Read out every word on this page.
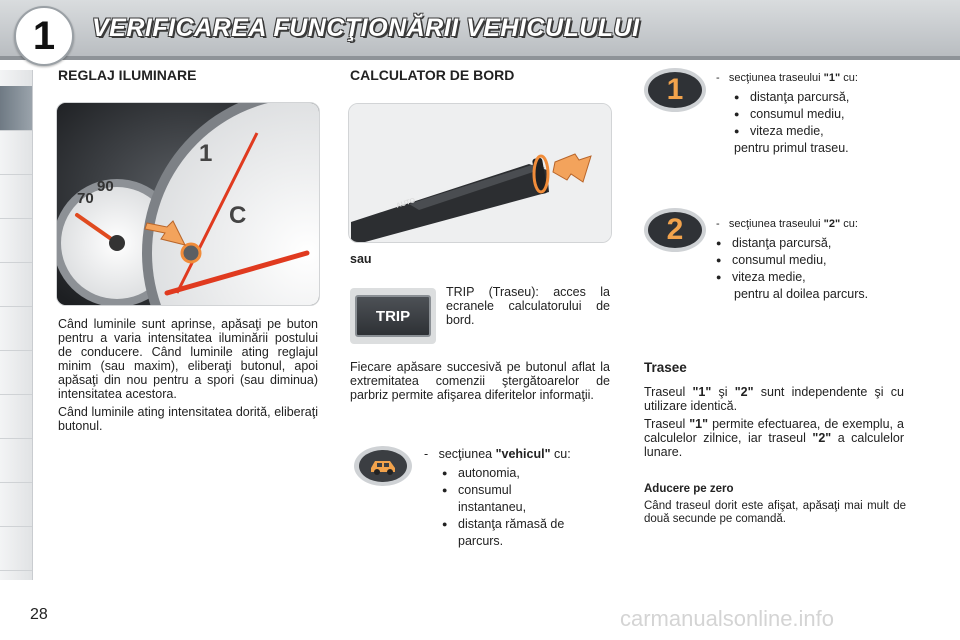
1	VERIFICAREA FUNCŢIONĂRII VEHICULULUI
REGLAJ ILUMINARE
90
70
1
C

Când luminile sunt aprinse, apăsaţi pe buton pentru a varia intensitatea iluminării postului de conducere. Când luminile ating reglajul minim (sau maxim), eliberaţi butonul, apoi apăsaţi din nou pentru a spori (sau diminua) intensitatea acestora.

Când luminile ating intensitatea dorită, eliberaţi butonul.

CALCULATOR DE BORD
AUTO
sau
TRIP

TRIP (Traseu): acces la ecranele calculatorului de bord.

Fiecare apăsare succesivă pe butonul aflat la extremitatea comenzii ştergătoarelor de parbriz permite afişarea diferitelor informaţii.

-   secţiunea "vehicul" cu:
● autonomia,
● consumul instantaneu,
● distanţa rămasă de parcurs.
1	-   secţiunea traseului "1" cu:
● distanţa parcursă,
● consumul mediu,
● viteza medie,
pentru primul traseu.
2	-   secţiunea traseului "2" cu:
● distanţa parcursă,
● consumul mediu,
● viteza medie,
pentru al doilea parcurs.
Trasee

Traseul "1" şi "2" sunt independente şi cu utilizare identică.

Traseul "1" permite efectuarea, de exemplu, a calculelor zilnice, iar traseul "2" a calculelor lunare.

Aducere pe zero

Când traseul dorit este afişat, apăsaţi mai mult de două secunde pe comandă.

28	carmanualsonline.info
